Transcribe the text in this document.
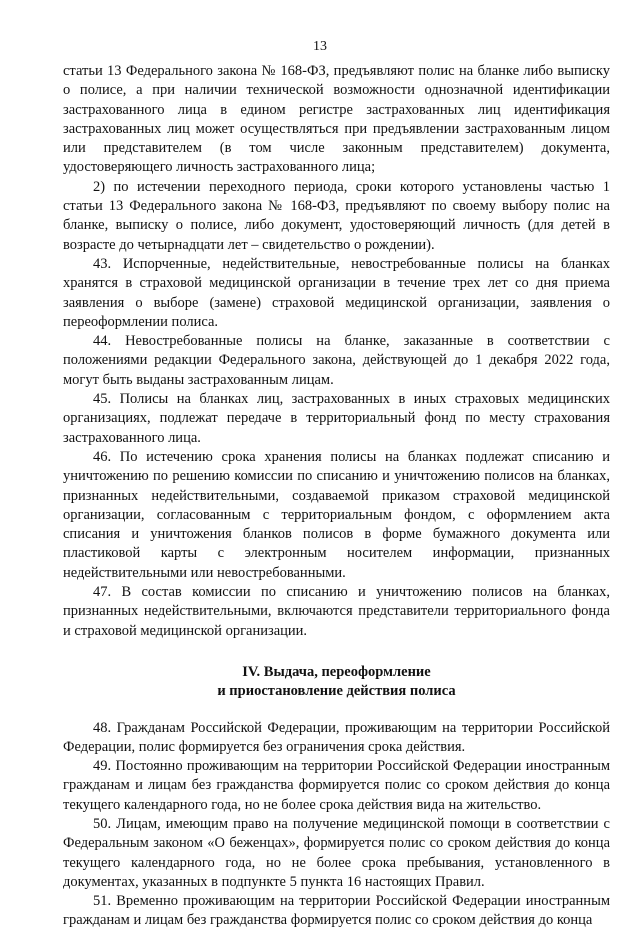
13

статьи 13 Федерального закона № 168-ФЗ, предъявляют полис на бланке либо выписку о полисе, а при наличии технической возможности однозначной идентификации застрахованного лица в едином регистре застрахованных лиц идентификация застрахованных лиц может осуществляться при предъявлении застрахованным лицом или представителем (в том числе законным представителем) документа, удостоверяющего личность застрахованного лица;

2) по истечении переходного периода, сроки которого установлены частью 1 статьи 13 Федерального закона № 168-ФЗ, предъявляют по своему выбору полис на бланке, выписку о полисе, либо документ, удостоверяющий личность (для детей в возрасте до четырнадцати лет – свидетельство о рождении).

43. Испорченные, недействительные, невостребованные полисы на бланках хранятся в страховой медицинской организации в течение трех лет со дня приема заявления о выборе (замене) страховой медицинской организации, заявления о переоформлении полиса.

44. Невостребованные полисы на бланке, заказанные в соответствии с положениями редакции Федерального закона, действующей до 1 декабря 2022 года, могут быть выданы застрахованным лицам.

45. Полисы на бланках лиц, застрахованных в иных страховых медицинских организациях, подлежат передаче в территориальный фонд по месту страхования застрахованного лица.

46. По истечению срока хранения полисы на бланках подлежат списанию и уничтожению по решению комиссии по списанию и уничтожению полисов на бланках, признанных недействительными, создаваемой приказом страховой медицинской организации, согласованным с территориальным фондом, с оформлением акта списания и уничтожения бланков полисов в форме бумажного документа или пластиковой карты с электронным носителем информации, признанных недействительными или невостребованными.

47. В состав комиссии по списанию и уничтожению полисов на бланках, признанных недействительными, включаются представители территориального фонда и страховой медицинской организации.

IV. Выдача, переоформление
и приостановление действия полиса

48. Гражданам Российской Федерации, проживающим на территории Российской Федерации, полис формируется без ограничения срока действия.

49. Постоянно проживающим на территории Российской Федерации иностранным гражданам и лицам без гражданства формируется полис со сроком действия до конца текущего календарного года, но не более срока действия вида на жительство.

50. Лицам, имеющим право на получение медицинской помощи в соответствии с Федеральным законом «О беженцах», формируется полис со сроком действия до конца текущего календарного года, но не более срока пребывания, установленного в документах, указанных в подпункте 5 пункта 16 настоящих Правил.

51. Временно проживающим на территории Российской Федерации иностранным гражданам и лицам без гражданства формируется полис со сроком действия до конца
